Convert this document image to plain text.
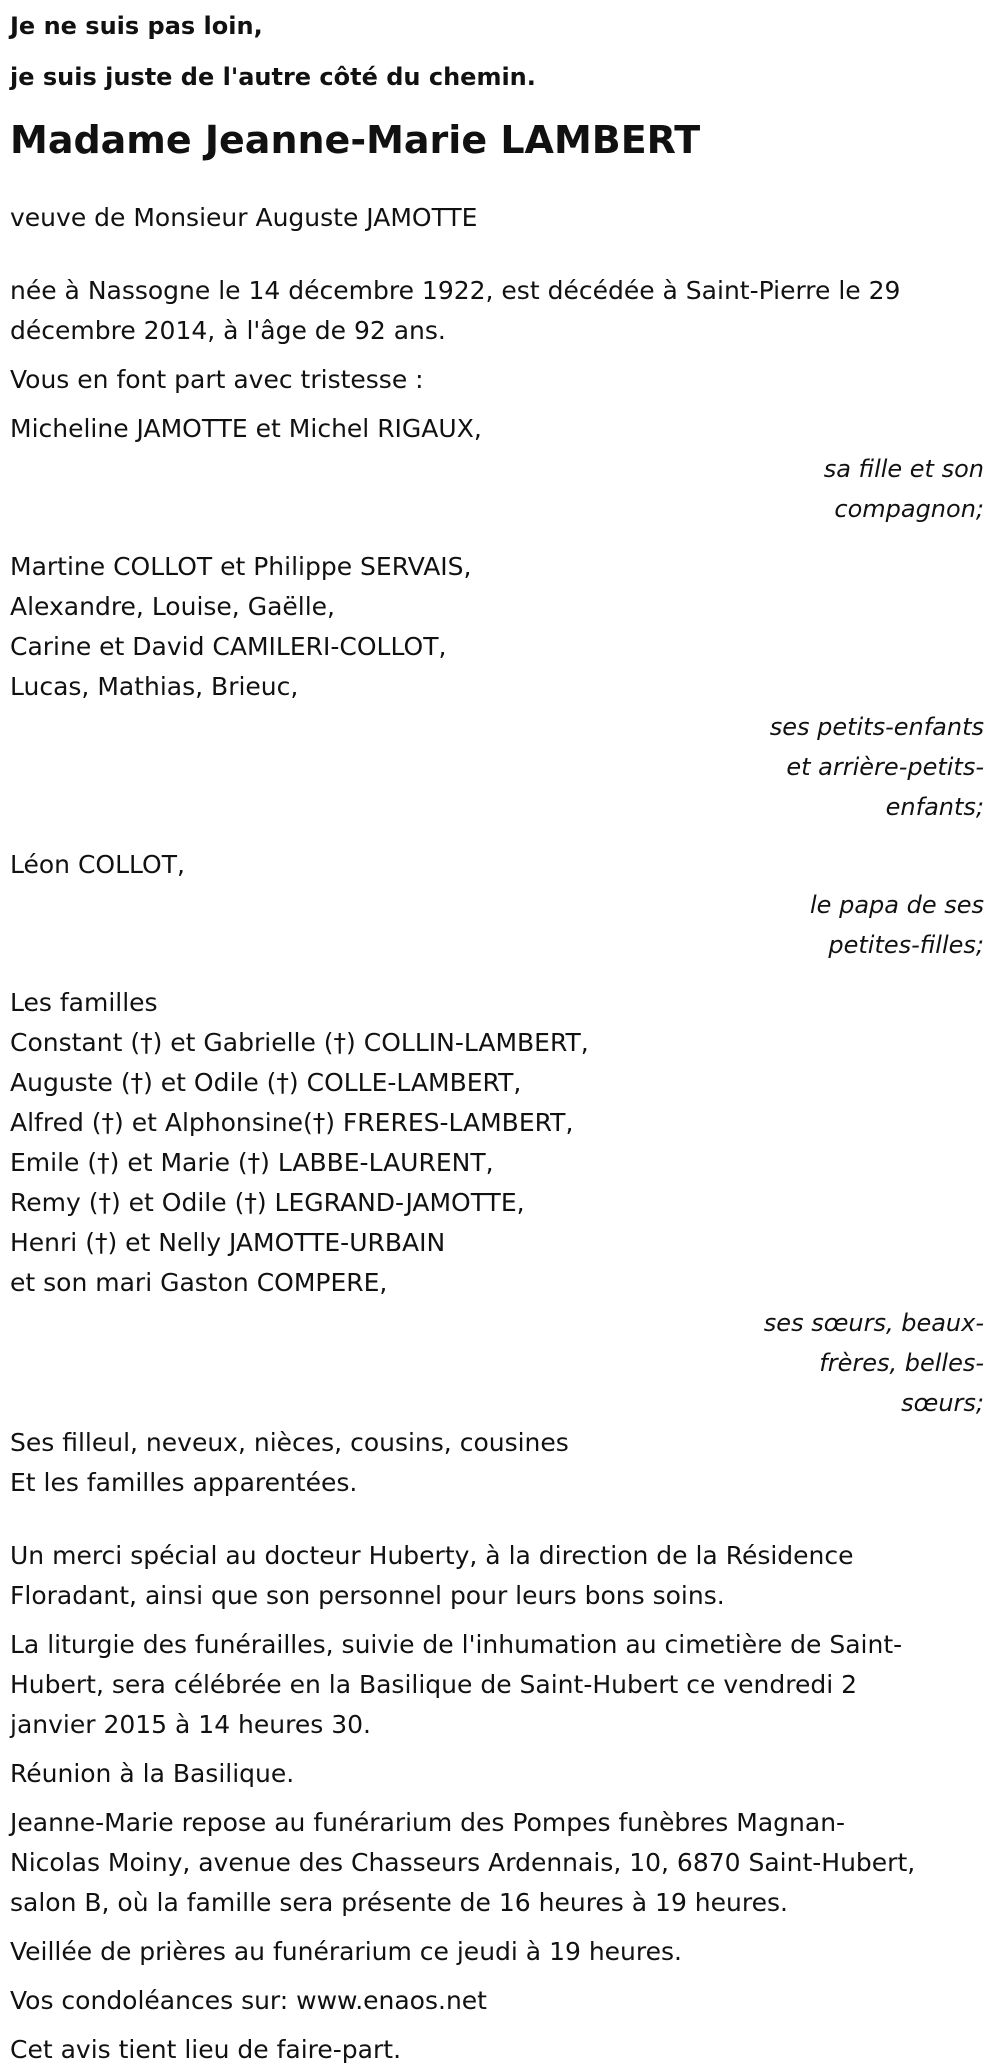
Je ne suis pas loin,
je suis juste de l'autre côté du chemin.
Madame Jeanne-Marie LAMBERT
veuve de Monsieur Auguste JAMOTTE
née à Nassogne le 14 décembre 1922, est décédée à Saint-Pierre le 29
décembre 2014, à l'âge de 92 ans.
Vous en font part avec tristesse :
Micheline JAMOTTE et Michel RIGAUX,
sa fille et son
compagnon;
Martine COLLOT et Philippe SERVAIS,
Alexandre, Louise, Gaëlle,
Carine et David CAMILERI-COLLOT,
Lucas, Mathias, Brieuc,
ses petits-enfants
et arrière-petits-
enfants;
Léon COLLOT,
le papa de ses
petites-filles;
Les familles
Constant (†) et Gabrielle (†) COLLIN-LAMBERT,
Auguste (†) et Odile (†) COLLE-LAMBERT,
Alfred (†) et Alphonsine(†) FRERES-LAMBERT,
Emile (†) et Marie (†) LABBE-LAURENT,
Remy (†) et Odile (†) LEGRAND-JAMOTTE,
Henri (†) et Nelly JAMOTTE-URBAIN
et son mari Gaston COMPERE,
ses sœurs, beaux-
frères, belles-
sœurs;
Ses filleul, neveux, nièces, cousins, cousines
Et les familles apparentées.
Un merci spécial au docteur Huberty, à la direction de la Résidence
Floradant, ainsi que son personnel pour leurs bons soins.
La liturgie des funérailles, suivie de l'inhumation au cimetière de Saint-
Hubert, sera célébrée en la Basilique de Saint-Hubert ce vendredi 2
janvier 2015 à 14 heures 30.
Réunion à la Basilique.
Jeanne-Marie repose au funérarium des Pompes funèbres Magnan-
Nicolas Moiny, avenue des Chasseurs Ardennais, 10, 6870 Saint-Hubert,
salon B, où la famille sera présente de 16 heures à 19 heures.
Veillée de prières au funérarium ce jeudi à 19 heures.
Vos condoléances sur: www.enaos.net
Cet avis tient lieu de faire-part.
